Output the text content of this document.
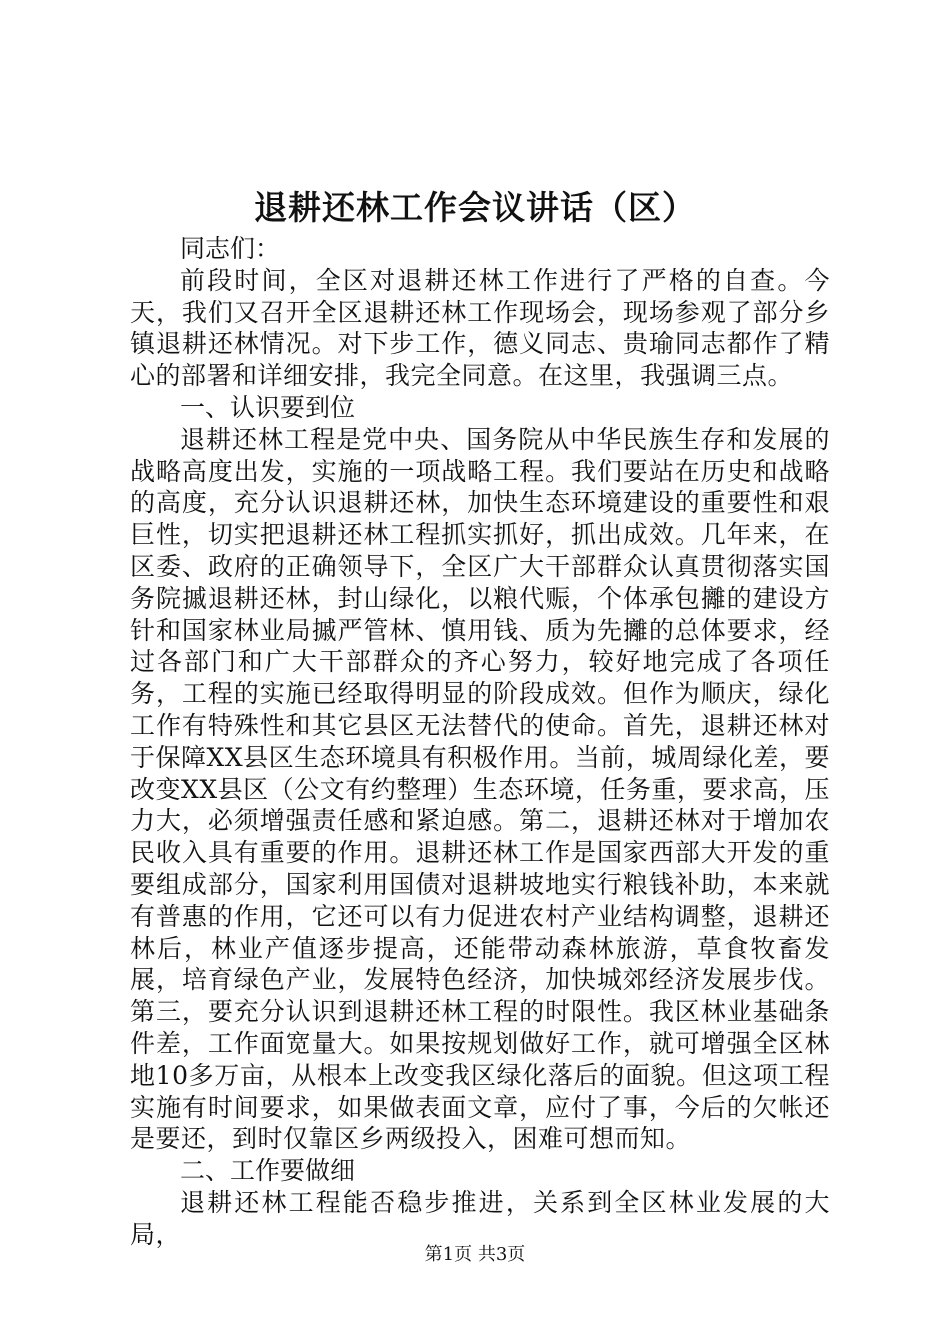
退耕还林工作会议讲话（区）

同志们：

前段时间，全区对退耕还林工作进行了严格的自查。今天，我们又召开全区退耕还林工作现场会，现场参观了部分乡镇退耕还林情况。对下步工作，德义同志、贵瑜同志都作了精心的部署和详细安排，我完全同意。在这里，我强调三点。

一、认识要到位

退耕还林工程是党中央、国务院从中华民族生存和发展的战略高度出发，实施的一项战略工程。我们要站在历史和战略的高度，充分认识退耕还林，加快生态环境建设的重要性和艰巨性，切实把退耕还林工程抓实抓好，抓出成效。几年来，在区委、政府的正确领导下，全区广大干部群众认真贯彻落实国务院摵退耕还林，封山绿化，以粮代赈，个体承包攡的建设方针和国家林业局摵严管林、慎用钱、质为先攡的总体要求，经过各部门和广大干部群众的齐心努力，较好地完成了各项任务，工程的实施已经取得明显的阶段成效。但作为顺庆，绿化工作有特殊性和其它县区无法替代的使命。首先，退耕还林对于保障XX县区生态环境具有积极作用。当前，城周绿化差，要改变XX县区（公文有约整理）生态环境，任务重，要求高，压力大，必须增强责任感和紧迫感。第二，退耕还林对于增加农民收入具有重要的作用。退耕还林工作是国家西部大开发的重要组成部分，国家利用国债对退耕坡地实行粮钱补助，本来就有普惠的作用，它还可以有力促进农村产业结构调整，退耕还林后，林业产值逐步提高，还能带动森林旅游，草食牧畜发展，培育绿色产业，发展特色经济，加快城郊经济发展步伐。第三，要充分认识到退耕还林工程的时限性。我区林业基础条件差，工作面宽量大。如果按规划做好工作，就可增强全区林地10多万亩，从根本上改变我区绿化落后的面貌。但这项工程实施有时间要求，如果做表面文章，应付了事，今后的欠帐还是要还，到时仅靠区乡两级投入，困难可想而知。

二、工作要做细

退耕还林工程能否稳步推进，关系到全区林业发展的大局，

第1页 共3页
